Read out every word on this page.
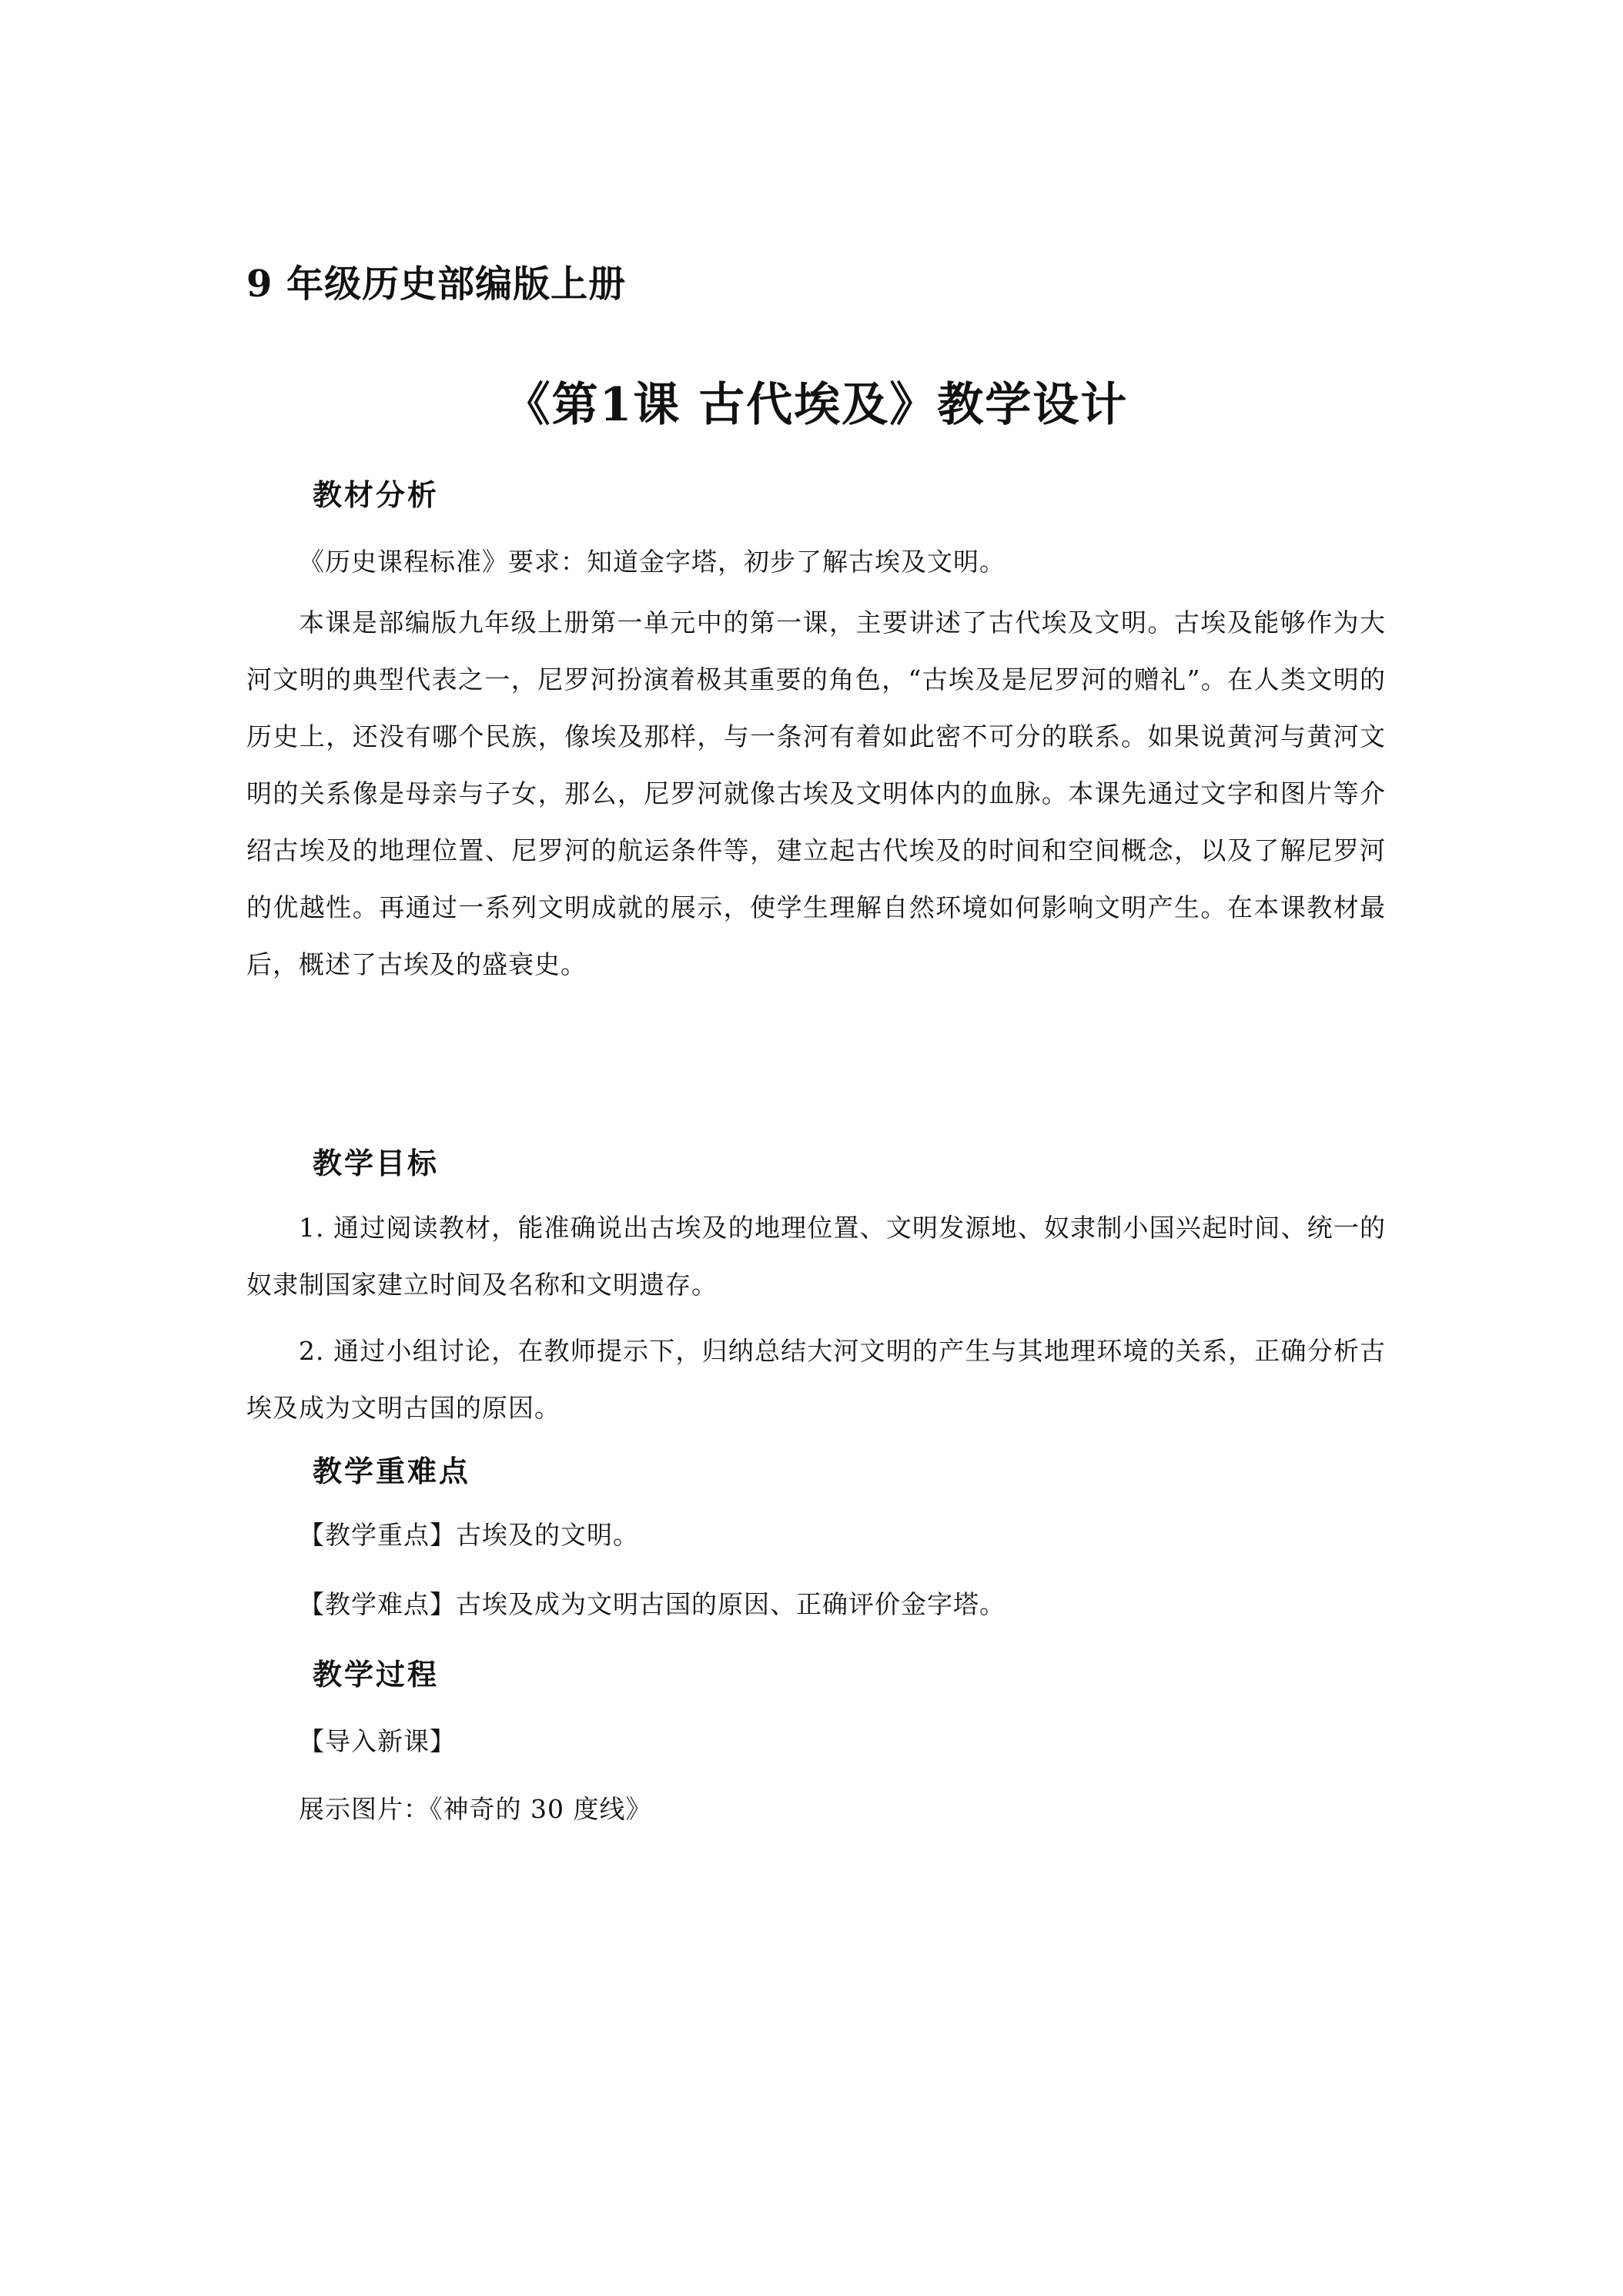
9 年级历史部编版上册
《第1课 古代埃及》教学设计
教材分析
《历史课程标准》要求：知道金字塔，初步了解古埃及文明。
本课是部编版九年级上册第一单元中的第一课，主要讲述了古代埃及文明。古埃及能够作为大河文明的典型代表之一，尼罗河扮演着极其重要的角色，“古埃及是尼罗河的赠礼”。在人类文明的历史上，还没有哪个民族，像埃及那样，与一条河有着如此密不可分的联系。如果说黄河与黄河文明的关系像是母亲与子女，那么，尼罗河就像古埃及文明体内的血脉。本课先通过文字和图片等介绍古埃及的地理位置、尼罗河的航运条件等，建立起古代埃及的时间和空间概念，以及了解尼罗河的优越性。再通过一系列文明成就的展示，使学生理解自然环境如何影响文明产生。在本课教材最后，概述了古埃及的盛衰史。
教学目标
1. 通过阅读教材，能准确说出古埃及的地理位置、文明发源地、奴隶制小国兴起时间、统一的奴隶制国家建立时间及名称和文明遗存。
2. 通过小组讨论，在教师提示下，归纳总结大河文明的产生与其地理环境的关系，正确分析古埃及成为文明古国的原因。
教学重难点
【教学重点】古埃及的文明。
【教学难点】古埃及成为文明古国的原因、正确评价金字塔。
教学过程
【导入新课】
展示图片：《神奇的 30 度线》
